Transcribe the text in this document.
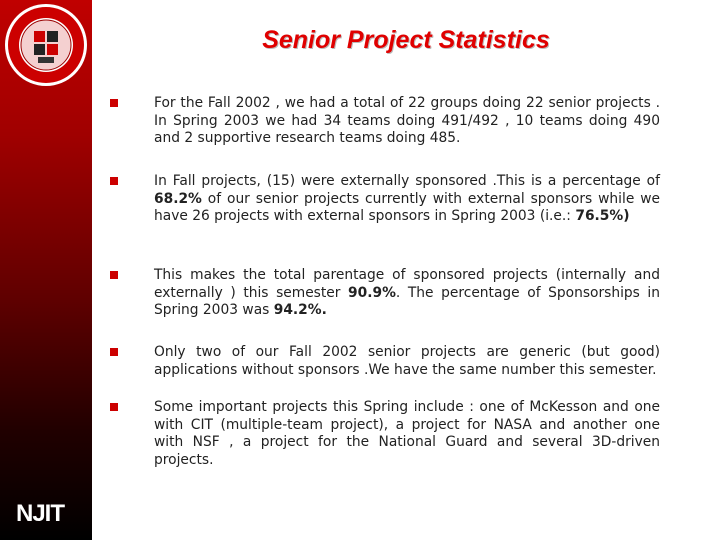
NJIT
Senior Project Statistics
For the Fall 2002 , we had a total of 22 groups doing 22 senior projects . In Spring 2003 we had 34 teams doing 491/492 , 10 teams doing 490 and 2 supportive research teams doing 485.
In Fall projects, (15) were externally sponsored .This is a percentage of 68.2% of our senior projects currently with external sponsors while we have 26 projects with external sponsors in Spring 2003 (i.e.: 76.5%)
This makes the total parentage of sponsored projects (internally and externally ) this semester 90.9%. The percentage of Sponsorships in Spring 2003 was 94.2%.
Only two of our Fall 2002 senior projects are generic (but good) applications without sponsors .We have the same number this semester.
Some important projects this Spring include : one of McKesson and one with CIT (multiple-team project), a project for NASA and another one with NSF , a project for the National Guard and several 3D-driven projects.
